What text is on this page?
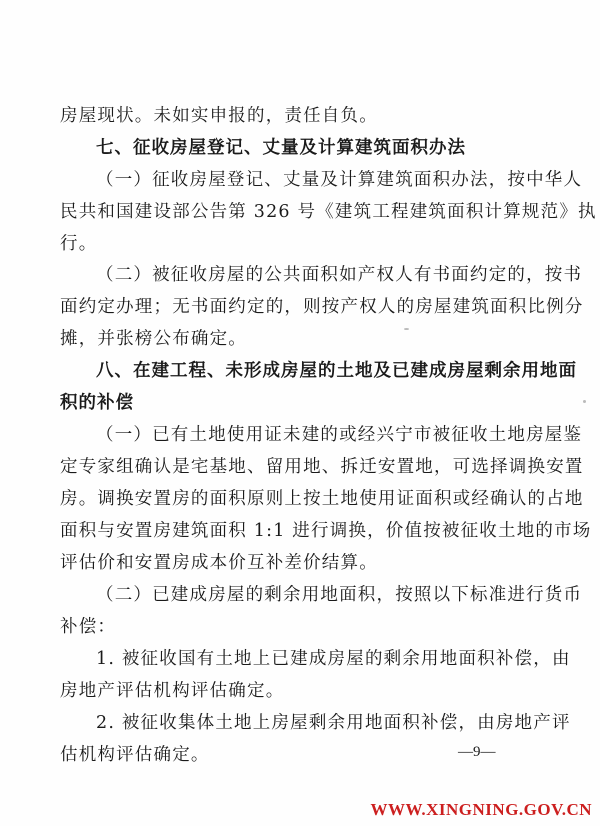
房屋现状。未如实申报的，责任自负。
七、征收房屋登记、丈量及计算建筑面积办法
（一）征收房屋登记、丈量及计算建筑面积办法，按中华人
民共和国建设部公告第 326 号《建筑工程建筑面积计算规范》执
行。
（二）被征收房屋的公共面积如产权人有书面约定的，按书
面约定办理；无书面约定的，则按产权人的房屋建筑面积比例分
摊，并张榜公布确定。
八、在建工程、未形成房屋的土地及已建成房屋剩余用地面
积的补偿
（一）已有土地使用证未建的或经兴宁市被征收土地房屋鉴
定专家组确认是宅基地、留用地、拆迁安置地，可选择调换安置
房。调换安置房的面积原则上按土地使用证面积或经确认的占地
面积与安置房建筑面积 1:1 进行调换，价值按被征收土地的市场
评估价和安置房成本价互补差价结算。
（二）已建成房屋的剩余用地面积，按照以下标准进行货币
补偿：
1. 被征收国有土地上已建成房屋的剩余用地面积补偿，由
房地产评估机构评估确定。
2. 被征收集体土地上房屋剩余用地面积补偿，由房地产评
估机构评估确定。	—9—
WWW.XINGNING.GOV.CN
